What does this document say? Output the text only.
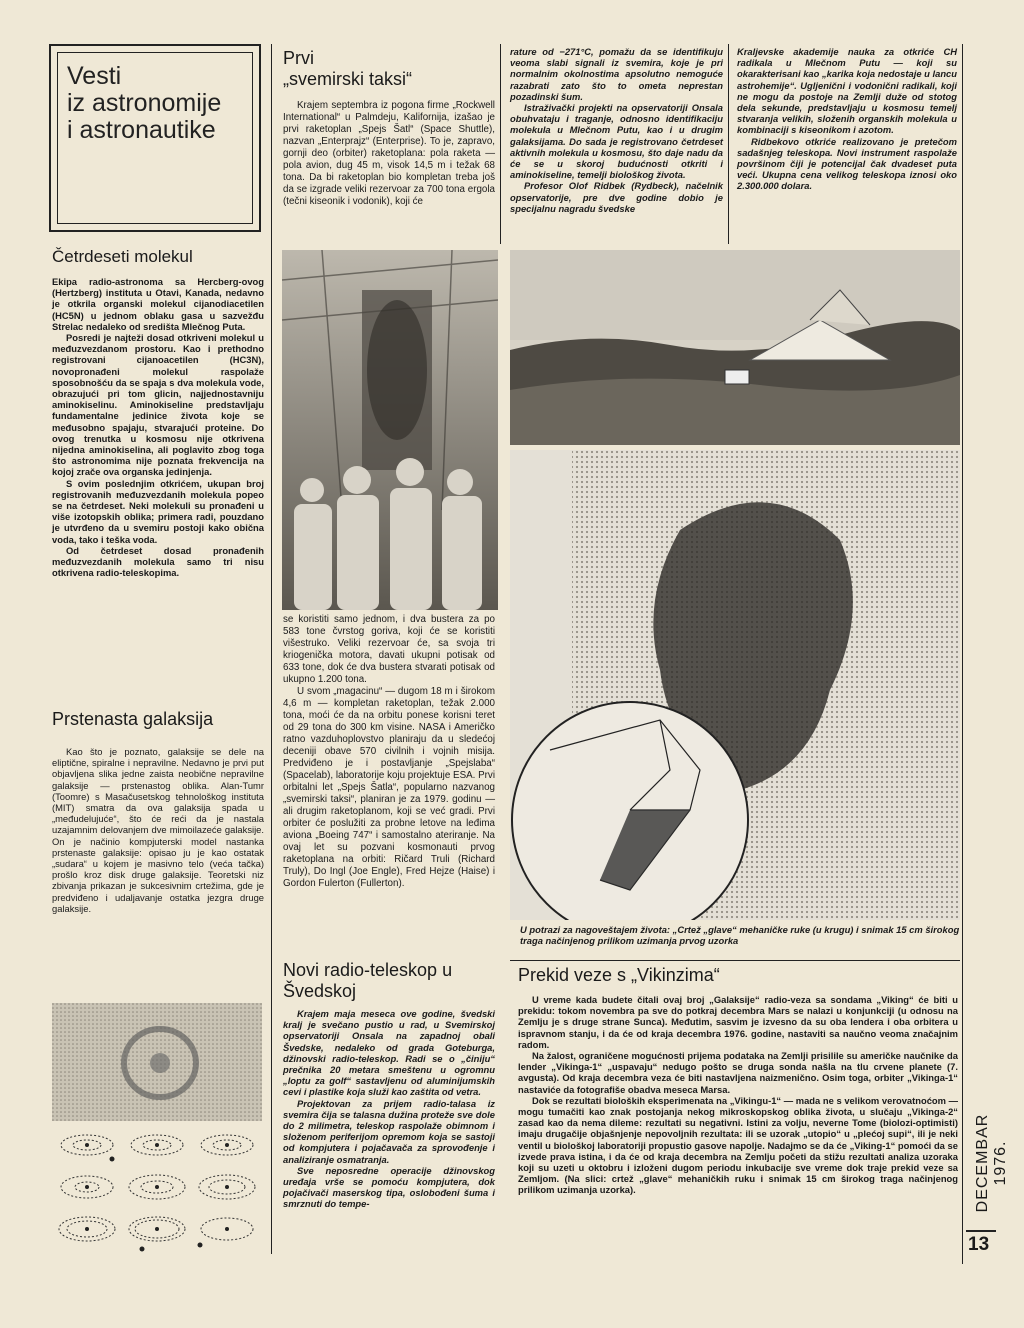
Vesti
iz astronomije
i astronautike
Četrdeseti molekul

Ekipa radio-astronoma sa Hercberg-ovog (Hertzberg) instituta u Otavi, Kanada, nedavno je otkrila organski molekul cijanodiacetilen (HC5N) u jednom oblaku gasa u sazvežđu Strelac nedaleko od središta Mlečnog Puta.

Posredi je najteži dosad otkriveni molekul u međuzvezdanom prostoru. Kao i prethodno registrovani cijanoacetilen (HC3N), novopronađeni molekul raspolaže sposobnošću da se spaja s dva molekula vode, obrazujući pri tom glicin, najjednostavniju aminokiselinu. Aminokiseline predstavljaju fundamentalne jedinice života koje se međusobno spajaju, stvarajući proteine. Do ovog trenutka u kosmosu nije otkrivena nijedna aminokiselina, ali poglavito zbog toga što astronomima nije poznata frekvencija na kojoj zrače ova organska jedinjenja.

S ovim poslednjim otkrićem, ukupan broj registrovanih međuzvezdanih molekula popeo se na četrdeset. Neki molekuli su pronađeni u više izotopskih oblika; primera radi, pouzdano je utvrđeno da u svemiru postoji kako obična voda, tako i teška voda.

Od četrdeset dosad pronađenih međuzvezdanih molekula samo tri nisu otkrivena radio-teleskopima.

Prstenasta galaksija

Kao što je poznato, galaksije se dele na eliptične, spiralne i nepravilne. Nedavno je prvi put objavljena slika jedne zaista neobične nepravilne galaksije — prstenastog oblika. Alan-Tumr (Toomre) s Masačusetskog tehnološkog instituta (MIT) smatra da ova galaksija spada u „međudelujuće“, što će reći da je nastala uzajamnim delovanjem dve mimoilazeće galaksije. On je načinio kompjuterski model nastanka prstenaste galaksije: opisao ju je kao ostatak „sudara“ u kojem je masivno telo (veća tačka) prošlo kroz disk druge galaksije. Teoretski niz zbivanja prikazan je sukcesivnim crtežima, gde je predviđeno i udaljavanje ostatka jezgra druge galaksije.

Prvi
„svemirski taksi“

Krajem septembra iz pogona firme „Rockwell International“ u Palmdeju, Kalifornija, izašao je prvi raketoplan „Spejs Šatl“ (Space Shuttle), nazvan „Enterprajz“ (Enterprise). To je, zapravo, gornji deo (orbiter) raketoplana: pola raketa — pola avion, dug 45 m, visok 14,5 m i težak 68 tona. Da bi raketoplan bio kompletan treba još da se izgrade veliki rezervoar za 700 tona ergola (tečni kiseonik i vodonik), koji će

se koristiti samo jednom, i dva bustera za po 583 tone čvrstog goriva, koji će se koristiti višestruko. Veliki rezervoar će, sa svoja tri kriogenička motora, davati ukupni potisak od 633 tone, dok će dva bustera stvarati potisak od ukupno 1.200 tona.

U svom „magacinu“ — dugom 18 m i širokom 4,6 m — kompletan raketoplan, težak 2.000 tona, moći će da na orbitu ponese korisni teret od 29 tona do 300 km visine. NASA i Američko ratno vazduhoplovstvo planiraju da u sledećoj deceniji obave 570 civilnih i vojnih misija. Predviđeno je i postavljanje „Spejslaba“ (Spacelab), laboratorije koju projektuje ESA. Prvi orbitalni let „Spejs Šatla“, popularno nazvanog „svemirski taksi“, planiran je za 1979. godinu — ali drugim raketoplanom, koji se već gradi. Prvi orbiter će poslužiti za probne letove na leđima aviona „Boeing 747“ i samostalno ateriranje. Na ovaj let su pozvani kosmonauti prvog raketoplana na orbiti: Ričard Truli (Richard Truly), Do Ingl (Joe Engle), Fred Hejze (Haise) i Gordon Fulerton (Fullerton).

Novi radio-teleskop u
Švedskoj

Krajem maja meseca ove godine, švedski kralj je svečano pustio u rad, u Svemirskoj opservatoriji Onsala na zapadnoj obali Švedske, nedaleko od grada Goteburga, džinovski radio-teleskop. Radi se o „činiju“ prečnika 20 metara smeštenu u ogromnu „loptu za golf“ sastavljenu od aluminijumskih cevi i plastike koja služi kao zaštita od vetra.

Projektovan za prijem radio-talasa iz svemira čija se talasna dužina proteže sve dole do 2 milimetra, teleskop raspolaže obimnom i složenom periferijom opremom koja se sastoji od kompjutera i pojačavača za sprovođenje i analiziranje osmatranja.

Sve neposredne operacije džinovskog uređaja vrše se pomoću kompjutera, dok pojačivači maserskog tipa, oslobođeni šuma i smrznuti do tempe-

rature od −271°C, pomažu da se identifikuju veoma slabi signali iz svemira, koje je pri normalnim okolnostima apsolutno nemoguće razabrati zato što to ometa neprestan pozadinski šum.

Istraživački projekti na opservatoriji Onsala obuhvataju i traganje, odnosno identifikaciju molekula u Mlečnom Putu, kao i u drugim galaksijama. Do sada je registrovano četrdeset aktivnih molekula u kosmosu, što daje nadu da će se u skoroj budućnosti otkriti i aminokiseline, temelji biološkog života.

Profesor Olof Ridbek (Rydbeck), načelnik opservatorije, pre dve godine dobio je specijalnu nagradu švedske

Kraljevske akademije nauka za otkriće CH radikala u Mlečnom Putu — koji su okarakterisani kao „karika koja nedostaje u lancu astrohemije“. Ugljenični i vodonični radikali, koji ne mogu da postoje na Zemlji duže od stotog dela sekunde, predstavljaju u kosmosu temelj stvaranja velikih, složenih organskih molekula u kombinaciji s kiseonikom i azotom.

Ridbekovo otkriće realizovano je pretečom sadašnjeg teleskopa. Novi instrument raspolaže površinom čiji je potencijal čak dvadeset puta veći. Ukupna cena velikog teleskopa iznosi oko 2.300.000 dolara.

U potrazi za nagoveštajem života: „Crtež „glave“ mehaničke ruke (u krugu) i snimak 15 cm širokog traga načinjenog prilikom uzimanja prvog uzorka
Prekid veze s „Vikinzima“

U vreme kada budete čitali ovaj broj „Galaksije“ radio-veza sa sondama „Viking“ će biti u prekidu: tokom novembra pa sve do potkraj decembra Mars se nalazi u konjunkciji (u odnosu na Zemlju je s druge strane Sunca). Međutim, sasvim je izvesno da su oba lendera i oba orbitera u ispravnom stanju, i da će od kraja decembra 1976. godine, nastaviti sa naučno veoma značajnim radom.

Na žalost, ograničene mogućnosti prijema podataka na Zemlji prisilile su američke naučnike da lender „Vikinga-1“ „uspavaju“ nedugo pošto se druga sonda našla na tlu crvene planete (7. avgusta). Od kraja decembra veza će biti nastavljena naizmenično. Osim toga, orbiter „Vikinga-1“ nastaviće da fotografiše obadva meseca Marsa.

Dok se rezultati bioloških eksperimenata na „Vikingu-1“ — mada ne s velikom verovatnoćom — mogu tumačiti kao znak postojanja nekog mikroskopskog oblika života, u slučaju „Vikinga-2“ zasad kao da nema dileme: rezultati su negativni. Istini za volju, neverne Tome (biolozi-optimisti) imaju drugačije objašnjenje nepovoljnih rezultata: ili se uzorak „utopio“ u „plećoj supi“, ili je neki ventil u biološkoj laboratoriji propustio gasove napolje. Nadajmo se da će „Viking-1“ pomoći da se izvede prava istina, i da će od kraja decembra na Zemlju početi da stižu rezultati analiza uzoraka koji su uzeti u oktobru i izloženi dugom periodu inkubacije sve vreme dok traje prekid veze sa Zemljom. (Na slici: crtež „glave“ mehaničkih ruku i snimak 15 cm širokog traga načinjenog prilikom uzimanja uzorka).	DECEMBAR 1976.
13
